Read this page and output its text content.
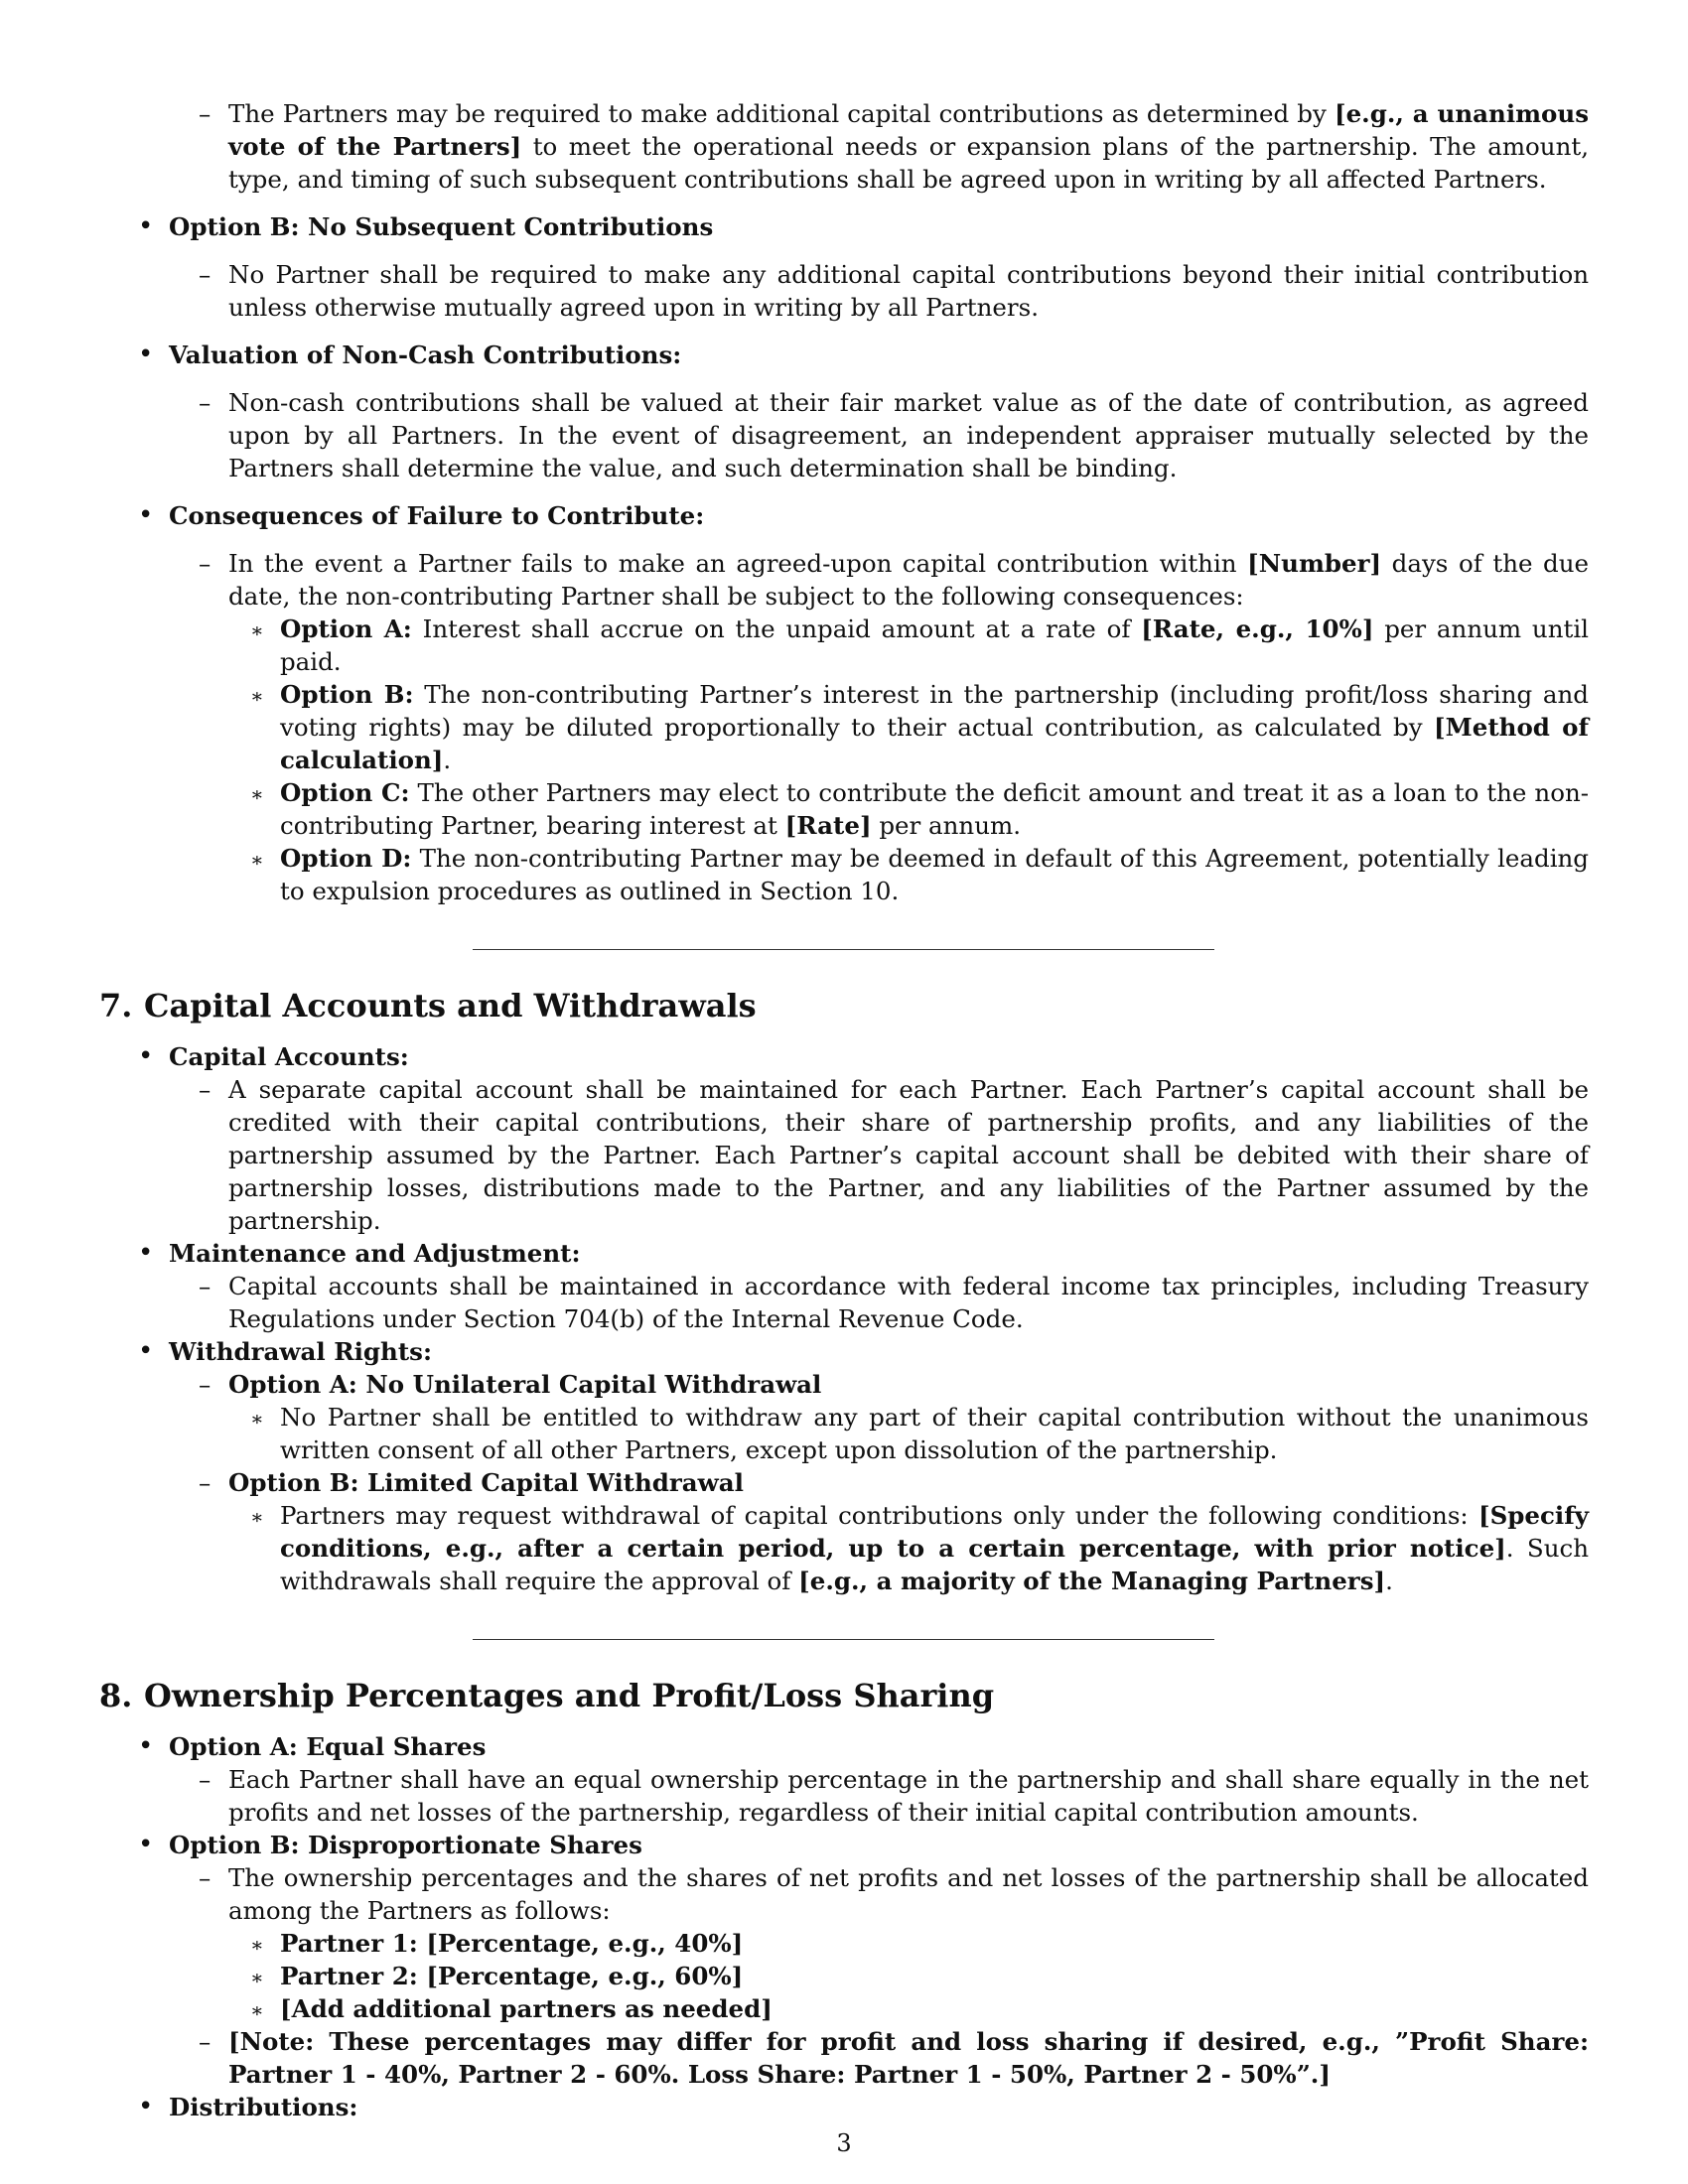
– The Partners may be required to make additional capital contributions as determined by [e.g., a unanimous vote of the Partners] to meet the operational needs or expansion plans of the partnership. The amount, type, and timing of such subsequent contributions shall be agreed upon in writing by all affected Partners.
• Option B: No Subsequent Contributions
– No Partner shall be required to make any additional capital contributions beyond their initial contribution unless otherwise mutually agreed upon in writing by all Partners.
• Valuation of Non-Cash Contributions:
– Non-cash contributions shall be valued at their fair market value as of the date of contribution, as agreed upon by all Partners. In the event of disagreement, an independent appraiser mutually selected by the Partners shall determine the value, and such determination shall be binding.
• Consequences of Failure to Contribute:
– In the event a Partner fails to make an agreed-upon capital contribution within [Number] days of the due date, the non-contributing Partner shall be subject to the following consequences:
∗ Option A: Interest shall accrue on the unpaid amount at a rate of [Rate, e.g., 10%] per annum until paid.
∗ Option B: The non-contributing Partner’s interest in the partnership (including profit/loss sharing and voting rights) may be diluted proportionally to their actual contribution, as calculated by [Method of calculation].
∗ Option C: The other Partners may elect to contribute the deficit amount and treat it as a loan to the non-contributing Partner, bearing interest at [Rate] per annum.
∗ Option D: The non-contributing Partner may be deemed in default of this Agreement, potentially leading to expulsion procedures as outlined in Section 10.
7. Capital Accounts and Withdrawals
• Capital Accounts:
– A separate capital account shall be maintained for each Partner. Each Partner’s capital account shall be credited with their capital contributions, their share of partnership profits, and any liabilities of the partnership assumed by the Partner. Each Partner’s capital account shall be debited with their share of partnership losses, distributions made to the Partner, and any liabilities of the Partner assumed by the partnership.
• Maintenance and Adjustment:
– Capital accounts shall be maintained in accordance with federal income tax principles, including Treasury Regulations under Section 704(b) of the Internal Revenue Code.
• Withdrawal Rights:
– Option A: No Unilateral Capital Withdrawal
∗ No Partner shall be entitled to withdraw any part of their capital contribution without the unanimous written consent of all other Partners, except upon dissolution of the partnership.
– Option B: Limited Capital Withdrawal
∗ Partners may request withdrawal of capital contributions only under the following conditions: [Specify conditions, e.g., after a certain period, up to a certain percentage, with prior notice]. Such withdrawals shall require the approval of [e.g., a majority of the Managing Partners].
8. Ownership Percentages and Profit/Loss Sharing
• Option A: Equal Shares
– Each Partner shall have an equal ownership percentage in the partnership and shall share equally in the net profits and net losses of the partnership, regardless of their initial capital contribution amounts.
• Option B: Disproportionate Shares
– The ownership percentages and the shares of net profits and net losses of the partnership shall be allocated among the Partners as follows:
∗ Partner 1: [Percentage, e.g., 40%]
∗ Partner 2: [Percentage, e.g., 60%]
∗ [Add additional partners as needed]
– [Note: These percentages may differ for profit and loss sharing if desired, e.g., ”Profit Share: Partner 1 - 40%, Partner 2 - 60%. Loss Share: Partner 1 - 50%, Partner 2 - 50%”.]
• Distributions:
3
